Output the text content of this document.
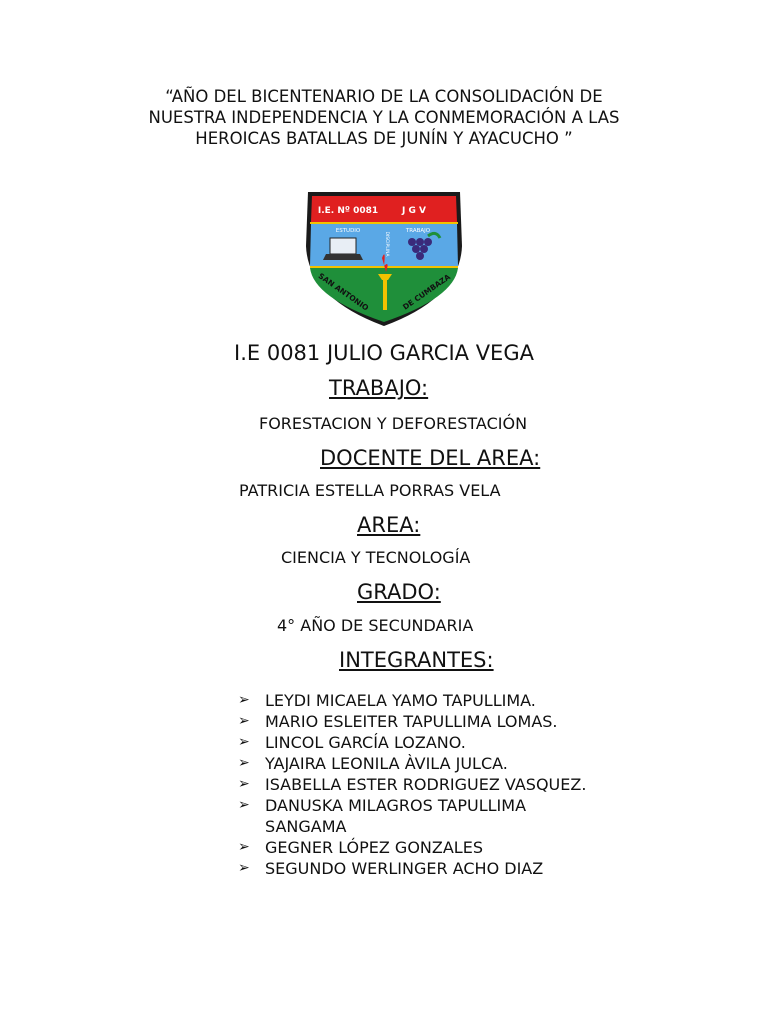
“AÑO DEL BICENTENARIO DE LA CONSOLIDACIÓN DE
NUESTRA INDEPENDENCIA Y LA CONMEMORACIÓN A LAS
HEROICAS BATALLAS DE JUNÍN Y AYACUCHO ”
I.E. Nº 0081	J G V
ESTUDIO	TRABAJO
DISCIPLINA
SAN ANTONIO	DE CUMBAZA
I.E 0081 JULIO GARCIA VEGA
TRABAJO:
FORESTACION Y DEFORESTACIÓN
DOCENTE DEL AREA:
PATRICIA ESTELLA PORRAS VELA
AREA:
CIENCIA Y TECNOLOGÍA
GRADO:
4° AÑO DE SECUNDARIA
INTEGRANTES:
➢ LEYDI MICAELA YAMO TAPULLIMA.
➢ MARIO ESLEITER TAPULLIMA LOMAS.
➢ LINCOL GARCÍA LOZANO.
➢ YAJAIRA LEONILA ÀVILA JULCA.
➢ ISABELLA ESTER RODRIGUEZ VASQUEZ.
➢ DANUSKA MILAGROS TAPULLIMA SANGAMA
➢ GEGNER LÓPEZ GONZALES
➢ SEGUNDO WERLINGER ACHO DIAZ
